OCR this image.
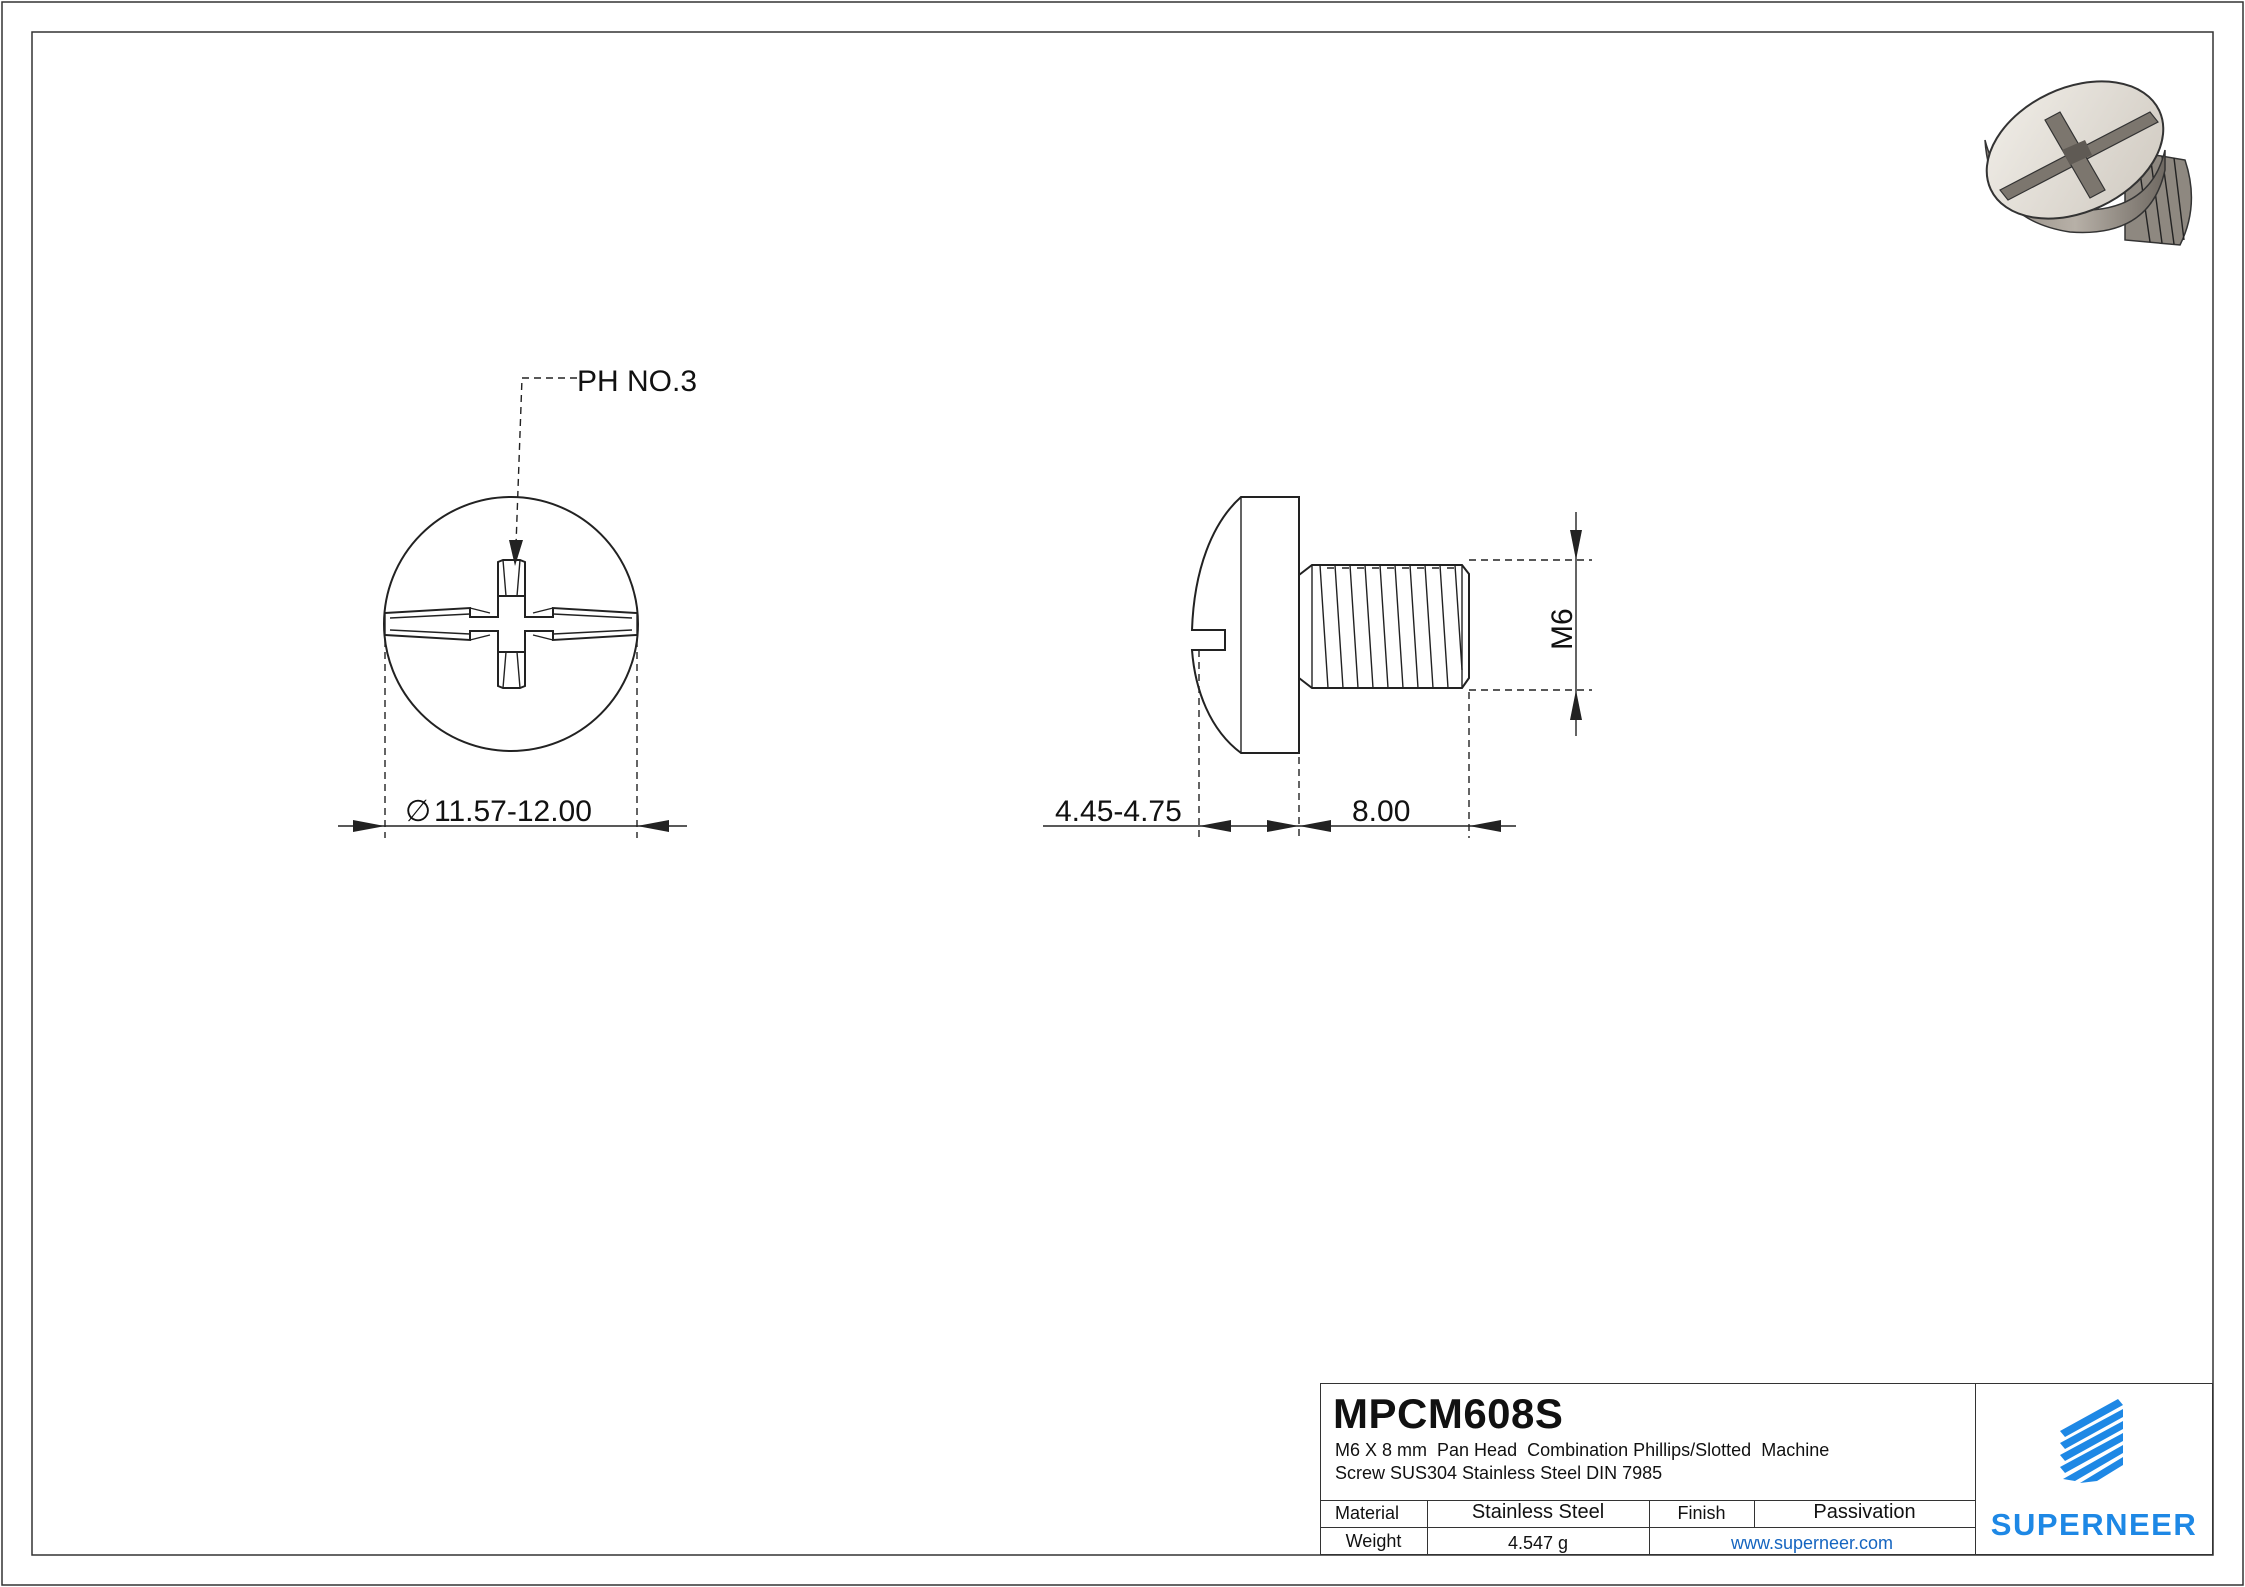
PH NO.3
∅ 11.57-12.00
M6
4.45-4.75	8.00
MPCM608S
M6 X 8 mm  Pan Head  Combination Phillips/Slotted  Machine
Screw SUS304 Stainless Steel DIN 7985
Material	Stainless Steel	Finish	Passivation
Weight	4.547 g	www.superneer.com
SUPERNEER
